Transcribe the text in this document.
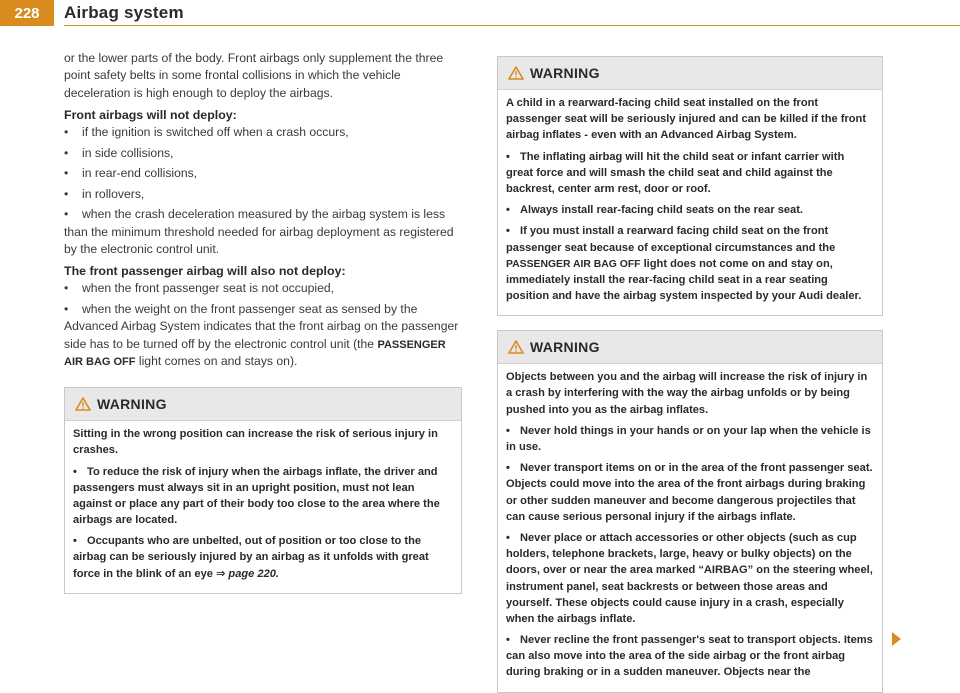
228	Airbag system

or the lower parts of the body. Front airbags only supplement the three point safety belts in some frontal collisions in which the vehicle deceleration is high enough to deploy the airbags.

Front airbags will not deploy:
•	if the ignition is switched off when a crash occurs,
•	in side collisions,
•	in rear-end collisions,
•	in rollovers,
• when the crash deceleration measured by the airbag system is less than the minimum threshold needed for airbag deployment as registered by the electronic control unit.
The front passenger airbag will also not deploy:
•	when the front passenger seat is not occupied,
• when the weight on the front passenger seat as sensed by the Advanced Airbag System indicates that the front airbag on the passenger side has to be turned off by the electronic control unit (the PASSENGER AIR BAG OFF light comes on and stays on).
WARNING

Sitting in the wrong position can increase the risk of serious injury in crashes.

• To reduce the risk of injury when the airbags inflate, the driver and passengers must always sit in an upright position, must not lean against or place any part of their body too close to the area where the airbags are located.
• Occupants who are unbelted, out of position or too close to the airbag can be seriously injured by an airbag as it unfolds with great force in the blink of an eye ⇒ page 220.
WARNING

A child in a rearward-facing child seat installed on the front passenger seat will be seriously injured and can be killed if the front airbag inflates - even with an Advanced Airbag System.

• The inflating airbag will hit the child seat or infant carrier with great force and will smash the child seat and child against the backrest, center arm rest, door or roof.
• Always install rear-facing child seats on the rear seat.
• If you must install a rearward facing child seat on the front passenger seat because of exceptional circumstances and the PASSENGER AIR BAG OFF light does not come on and stay on, immediately install the rear-facing child seat in a rear seating position and have the airbag system inspected by your Audi dealer.
WARNING

Objects between you and the airbag will increase the risk of injury in a crash by interfering with the way the airbag unfolds or by being pushed into you as the airbag inflates.

• Never hold things in your hands or on your lap when the vehicle is in use.
• Never transport items on or in the area of the front passenger seat. Objects could move into the area of the front airbags during braking or other sudden maneuver and become dangerous projectiles that can cause serious personal injury if the airbags inflate.
• Never place or attach accessories or other objects (such as cup holders, telephone brackets, large, heavy or bulky objects) on the doors, over or near the area marked “AIRBAG” on the steering wheel, instrument panel, seat backrests or between those areas and yourself. These objects could cause injury in a crash, especially when the airbags inflate.
• Never recline the front passenger's seat to transport objects. Items can also move into the area of the side airbag or the front airbag during braking or in a sudden maneuver. Objects near the
